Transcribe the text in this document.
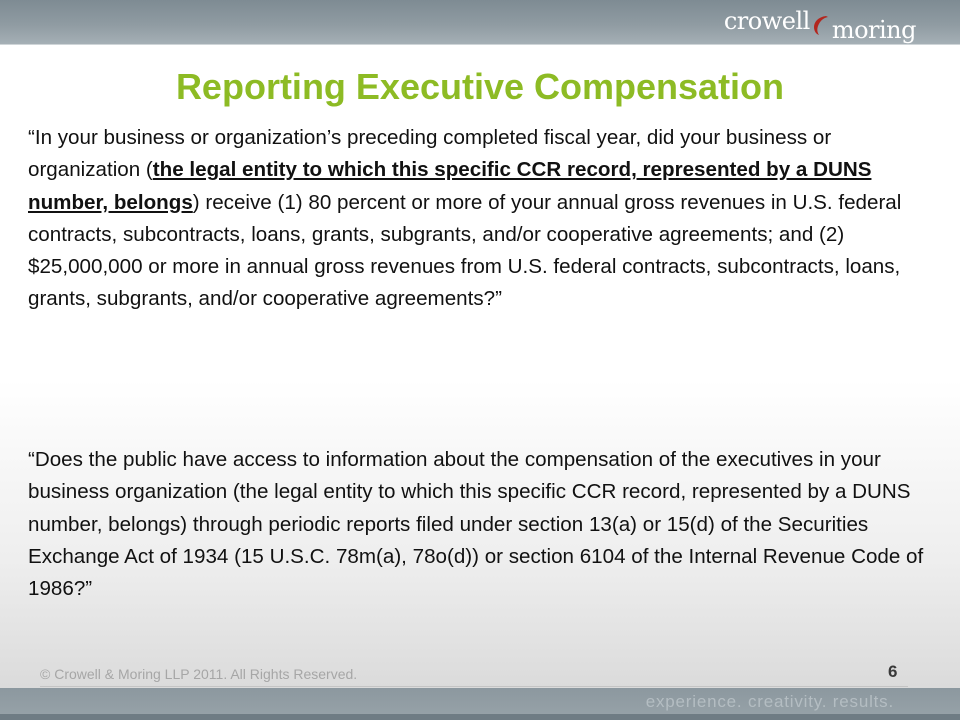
crowell moring
Reporting Executive Compensation

“In your business or organization’s preceding completed fiscal year, did your business or organization (the legal entity to which this specific CCR record, represented by a DUNS number, belongs) receive (1) 80 percent or more of your annual gross revenues in U.S. federal contracts, subcontracts, loans, grants, subgrants, and/or cooperative agreements; and (2) $25,000,000 or more in annual gross revenues from U.S. federal contracts, subcontracts, loans, grants, subgrants, and/or cooperative agreements?”

“Does the public have access to information about the compensation of the executives in your business organization (the legal entity to which this specific CCR record, represented by a DUNS number, belongs) through periodic reports filed under section 13(a) or 15(d) of the Securities Exchange Act of 1934 (15 U.S.C. 78m(a), 78o(d)) or section 6104 of the Internal Revenue Code of 1986?”

© Crowell & Moring LLP 2011. All Rights Reserved.	6
experience. creativity. results.
